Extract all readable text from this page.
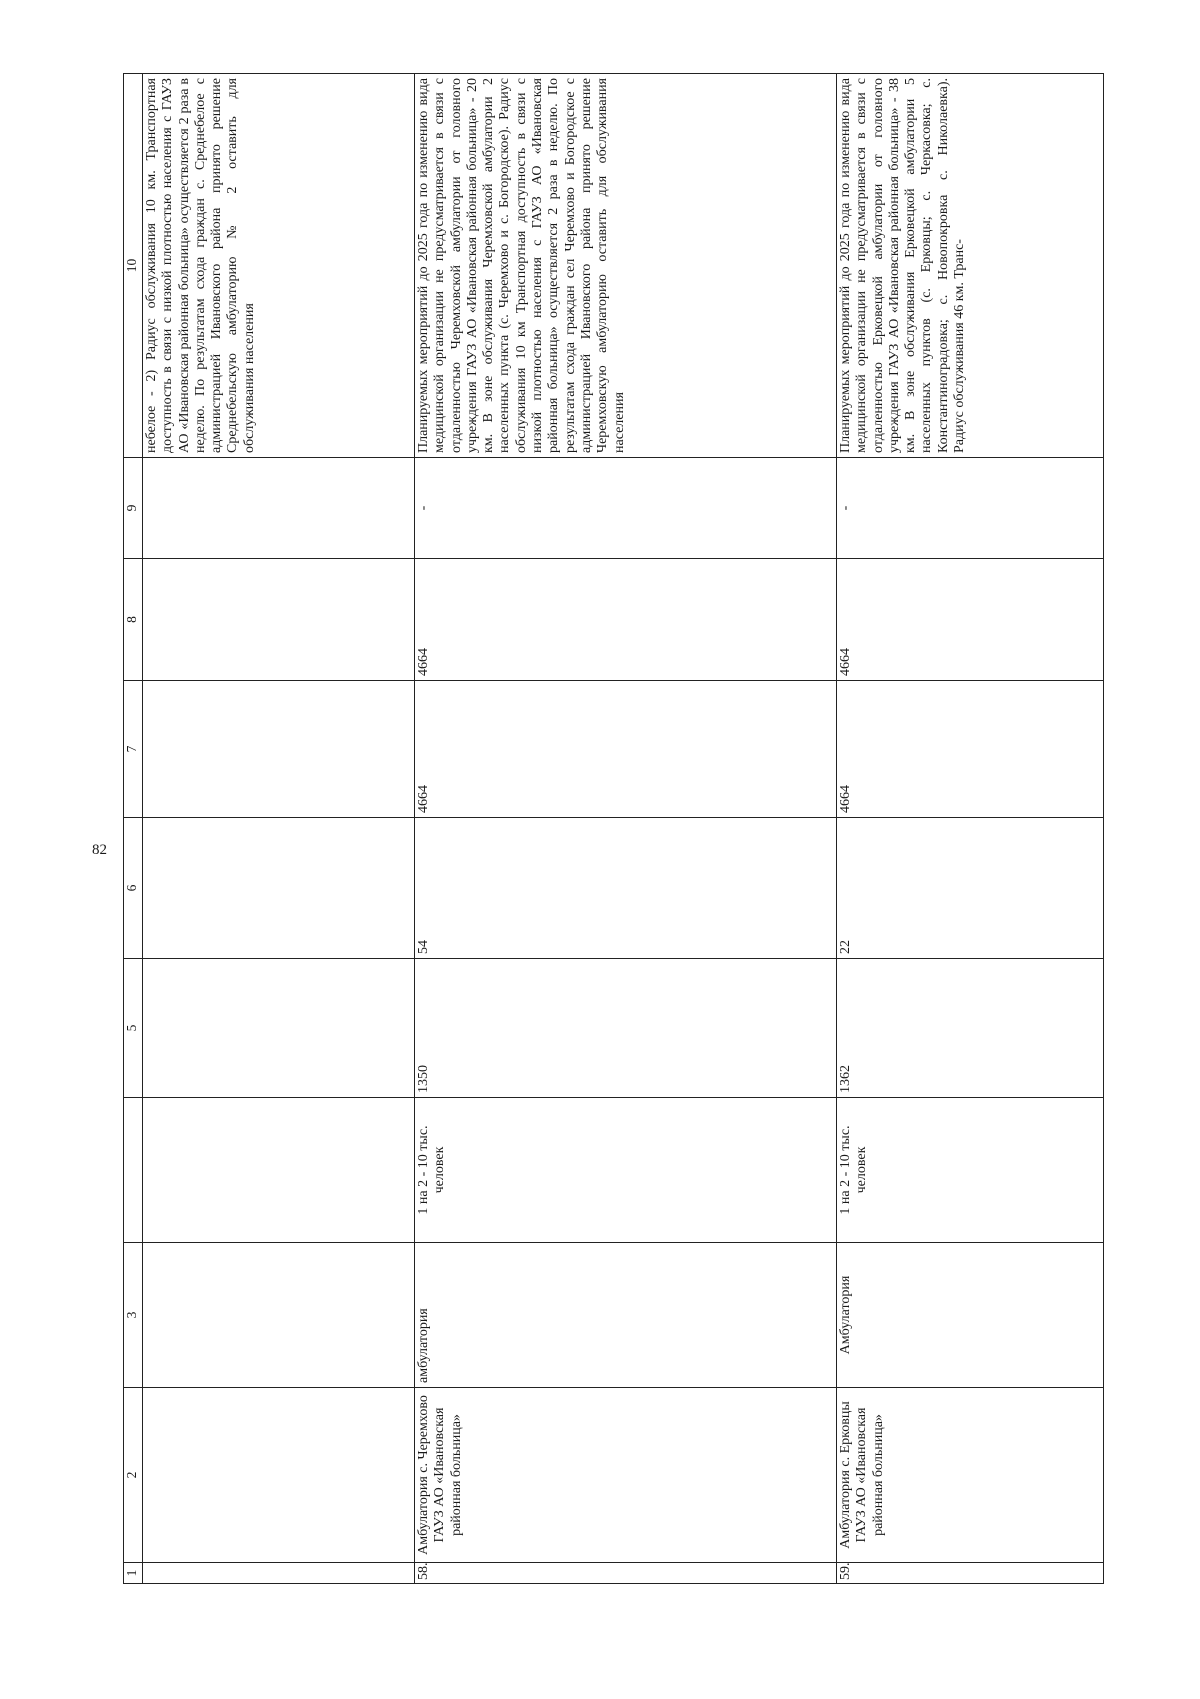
82
1	2	3		5	6	7	8	9	10
									небелое - 2) Радиус обслуживания 10 км. Транспортная доступность в связи с низкой плотностью населения с ГАУЗ АО «Ивановская районная больница» осуществляется 2 раза в неделю. По результатам схода граждан с. Среднебелое с администрацией Ивановского района принято решение Среднебельскую амбулаторию № 2 оставить для обслуживания населения
58.	Амбулатория с. Черемхово ГАУЗ АО «Ивановская районная больница»	амбулатория	1 на 2 - 10 тыс. человек	1350	54	4664	4664	-	Планируемых мероприятий до 2025 года по изменению вида медицинской организации не предусматривается в связи с отдаленностью Черемховской амбулатории от головного учреждения ГАУЗ АО «Ивановская районная больница» - 20 км. В зоне обслуживания Черемховской амбулатории 2 населенных пункта (с. Черемхово и с. Богородское). Радиус обслуживания 10 км Транспортная доступность в связи с низкой плотностью населения с ГАУЗ АО «Ивановская районная больница» осуществляется 2 раза в неделю. По результатам схода граждан сел Черемхово и Богородское с администрацией Ивановского района принято решение Черемховскую амбулаторию оставить для обслуживания населения
59.	Амбулатория с. Ерковцы ГАУЗ АО «Ивановская районная больница»	Амбулатория	1 на 2 - 10 тыс. человек	1362	22	4664	4664	-	Планируемых мероприятий до 2025 года по изменению вида медицинской организации не предусматривается в связи с отдаленностью Ерковецкой амбулатории от головного учреждения ГАУЗ АО «Ивановская районная больница» - 38 км. В зоне обслуживания Ерковецкой амбулатории 5 населенных пунктов (с. Ерковцы; с. Черкасовка; с. Константиноградовка; с. Новопокровка с. Николаевка). Радиус обслуживания 46 км. Транс-
